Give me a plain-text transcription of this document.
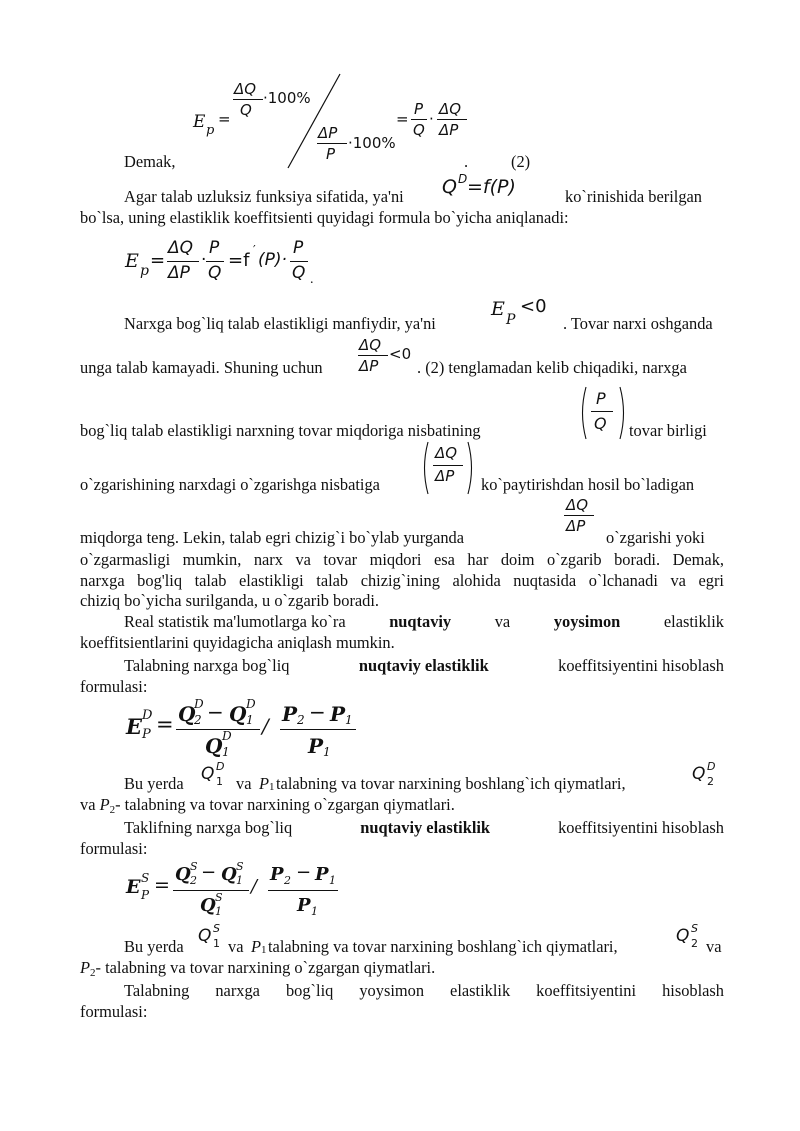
E p
=
ΔQ
Q
·100%
ΔP
P
·100%
=
P
Q
·
ΔQ
ΔP
Demak,	.	(2)
Agar talab uzluksiz funksiya sifatida, ya'ni Q D =f(P)	ko`rinishida berilgan
bo`lsa, uning elastiklik koeffitsienti quyidagi formula bo`yicha aniqlanadi:
E p =
ΔQ
ΔP
·
P
Q
=f ′ (P)·
P
Q .
Narxga bog`liq talab elastikligi manfiydir, ya'ni
E P
<0
. Tovar narxi oshganda
unga talab kamayadi. Shuning uchun
ΔQ
ΔP
<0
. (2) tenglamadan kelib chiqadiki, narxga
bog`liq talab elastikligi narxning tovar miqdoriga nisbatining
P
Q tovar birligi
o`zgarishining narxdagi o`zgarishga nisbatiga
ΔQ
ΔP ko`paytirishdan hosil bo`ladigan
miqdorga teng. Lekin, talab egri chizig`i bo`ylab yurganda
ΔQ
ΔP
o`zgarishi yoki
o`zgarmasligi mumkin, narx va tovar miqdori esa har doim o`zgarib boradi. Demak,
narxga bog'liq talab elastikligi talab chizig`ining alohida nuqtasida o`lchanadi va egri
chiziq bo`yicha surilganda, u o`zgarib boradi.
Real statistik ma'lumotlarga ko`ra	nuqtaviy	va	yoysimon	elastiklik
koeffitsientlarini quyidagicha aniqlash mumkin.
Talabning narxga bog`liq	nuqtaviy elastiklik	koeffitsiyentini hisoblash
formulasi:
E D
P = Q
D
2 − Q D
1
Q D
1
/ P 2 − P 1
P 1
Bu yerda Q D
1 va P 1 talabning va tovar narxining boshlang`ich qiymatlari,	Q D
2
va $P_2-$ talabning va tovar narxining o`zgargan qiymatlari.
Taklifning narxga bog`liq	nuqtaviy elastiklik	koeffitsiyentini hisoblash
formulasi:
E S
P = Q S
2 − Q S
1
Q S
1
/
P 2 − P 1
P 1
Bu yerda
Q S
1 va P 1 talabning va tovar narxining boshlang`ich qiymatlari,
Q S
2 va
$P_2-$ talabning va tovar narxining o`zgargan qiymatlari.
Talabning narxga bog`liq yoysimon elastiklik koeffitsiyentini hisoblash
formulasi:
